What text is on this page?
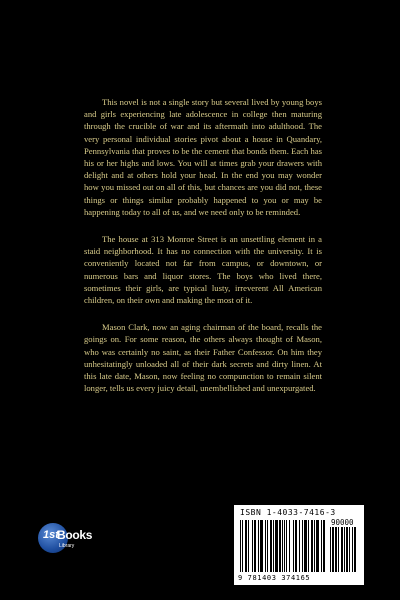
This novel is not a single story but several lived by young boys and girls experiencing late adolescence in college then maturing through the crucible of war and its aftermath into adulthood. The very personal individual stories pivot about a house in Quandary, Pennsylvania that proves to be the cement that bonds them. Each has his or her highs and lows. You will at times grab your drawers with delight and at others hold your head. In the end you may wonder how you missed out on all of this, but chances are you did not, these things or things similar probably happened to you or may be happening today to all of us, and we need only to be reminded.

The house at 313 Monroe Street is an unsettling element in a staid neighborhood. It has no connection with the university. It is conveniently located not far from campus, or downtown, or numerous bars and liquor stores. The boys who lived there, sometimes their girls, are typical lusty, irreverent All American children, on their own and making the most of it.

Mason Clark, now an aging chairman of the board, recalls the goings on. For some reason, the others always thought of Mason, who was certainly no saint, as their Father Confessor. On him they unhesitatingly unloaded all of their dark secrets and dirty linen. At this late date, Mason, now feeling no compunction to remain silent longer, tells us every juicy detail, unembellished and unexpurgated.

1st
Books
Library
ISBN 1-4033-7416-3
90000
9 781403 374165
